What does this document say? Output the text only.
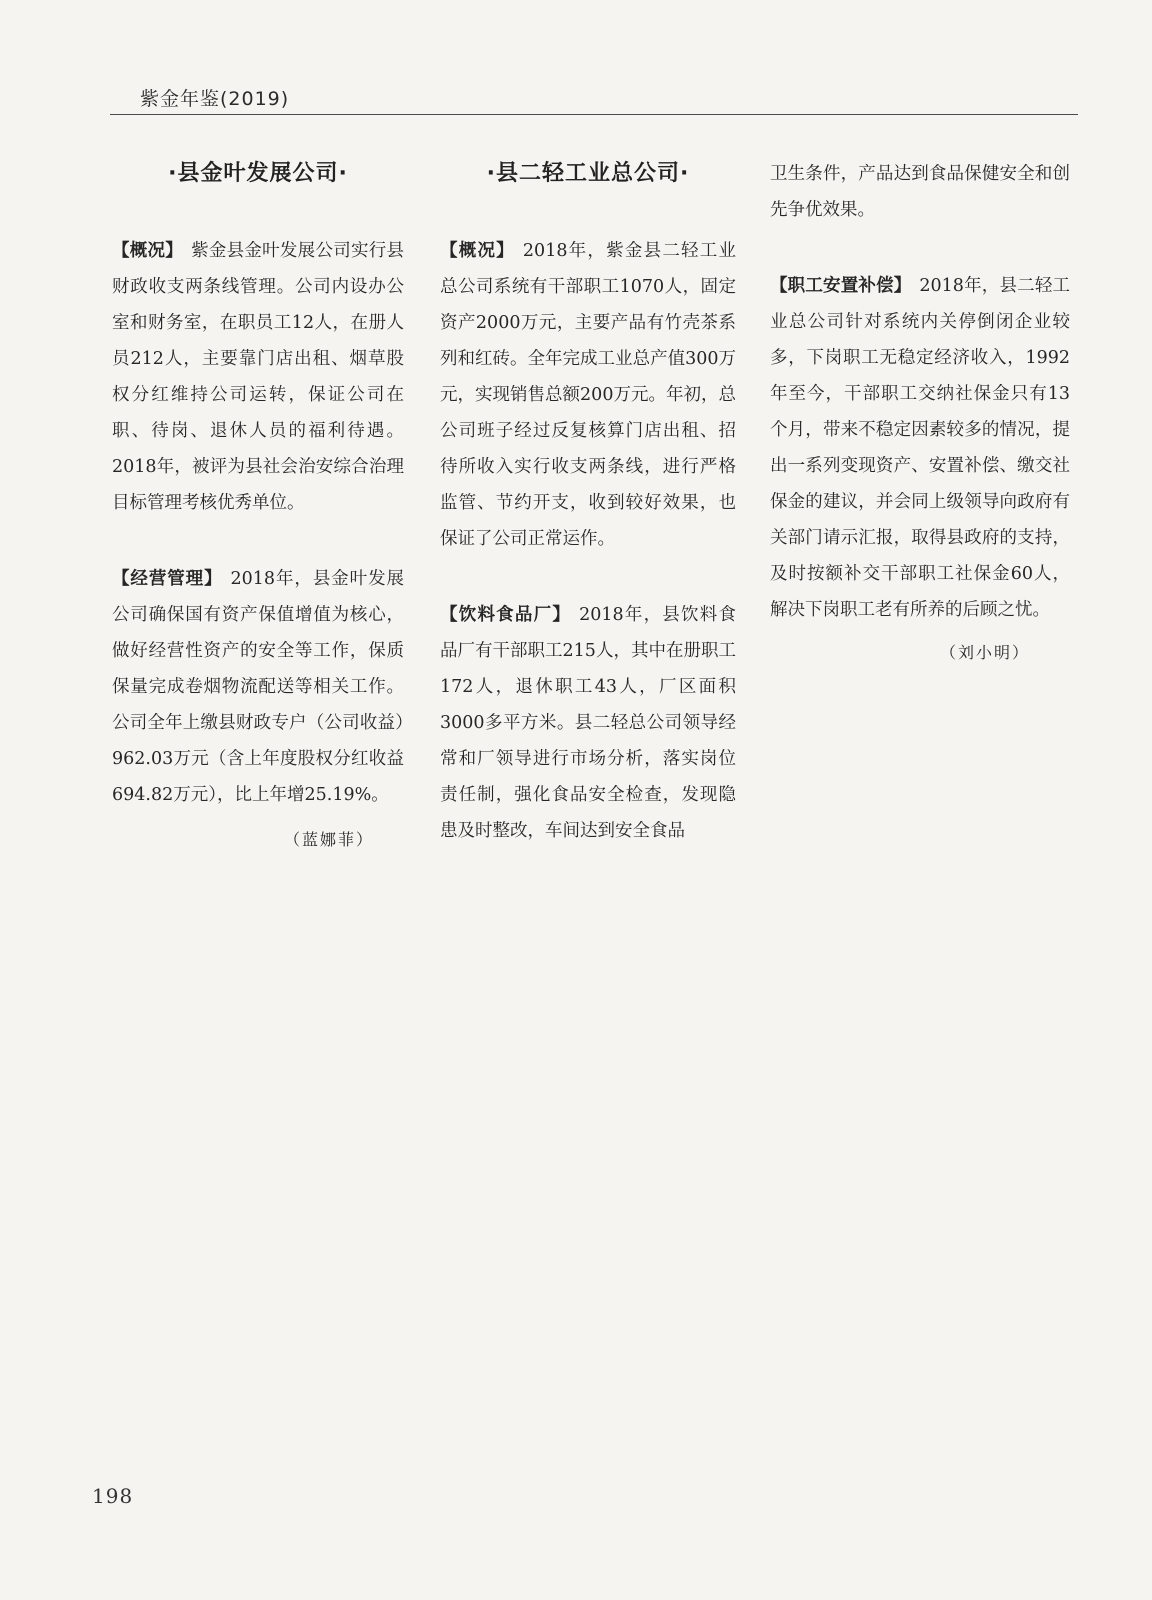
紫金年鉴(2019)
·县金叶发展公司·

【概况】 紫金县金叶发展公司实行县财政收支两条线管理。公司内设办公室和财务室，在职员工12人，在册人员212人，主要靠门店出租、烟草股权分红维持公司运转，保证公司在职、待岗、退休人员的福利待遇。2018年，被评为县社会治安综合治理目标管理考核优秀单位。

【经营管理】 2018年，县金叶发展公司确保国有资产保值增值为核心，做好经营性资产的安全等工作，保质保量完成卷烟物流配送等相关工作。公司全年上缴县财政专户（公司收益）962.03万元（含上年度股权分红收益694.82万元），比上年增25.19%。

（蓝娜菲）
·县二轻工业总公司·

【概况】 2018年，紫金县二轻工业总公司系统有干部职工1070人，固定资产2000万元，主要产品有竹壳茶系列和红砖。全年完成工业总产值300万元，实现销售总额200万元。年初，总公司班子经过反复核算门店出租、招待所收入实行收支两条线，进行严格监管、节约开支，收到较好效果，也保证了公司正常运作。

【饮料食品厂】 2018年，县饮料食品厂有干部职工215人，其中在册职工172人，退休职工43人，厂区面积3000多平方米。县二轻总公司领导经常和厂领导进行市场分析，落实岗位责任制，强化食品安全检查，发现隐患及时整改，车间达到安全食品

卫生条件，产品达到食品保健安全和创先争优效果。

【职工安置补偿】 2018年，县二轻工业总公司针对系统内关停倒闭企业较多，下岗职工无稳定经济收入，1992年至今，干部职工交纳社保金只有13个月，带来不稳定因素较多的情况，提出一系列变现资产、安置补偿、缴交社保金的建议，并会同上级领导向政府有关部门请示汇报，取得县政府的支持，及时按额补交干部职工社保金60人，解决下岗职工老有所养的后顾之忧。

（刘小明）
198
